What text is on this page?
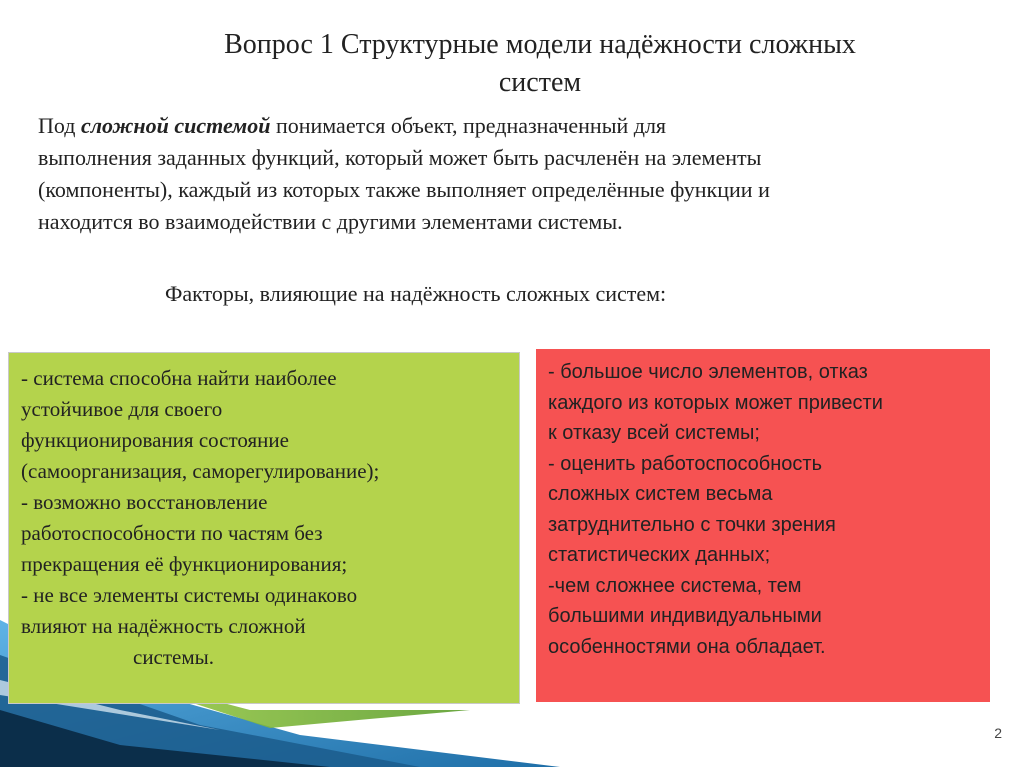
Вопрос 1 Структурные модели надёжности сложных
систем
Под сложной системой понимается объект, предназначенный для
выполнения заданных функций, который может быть расчленён на элементы
(компоненты), каждый из которых также выполняет определённые функции и
находится во взаимодействии с другими элементами системы.
Факторы, влияющие на надёжность сложных систем:
- система способна найти наиболее
устойчивое для своего
функционирования состояние
(самоорганизация, саморегулирование);
- возможно восстановление
работоспособности по частям без
прекращения её функционирования;
- не все элементы системы одинаково
влияют на надёжность сложной
системы.
- большое число элементов, отказ
каждого из которых может привести
к отказу всей системы;
- оценить работоспособность
сложных систем весьма
затруднительно с точки зрения
статистических данных;
-чем сложнее система, тем
большими индивидуальными
особенностями она обладает.
2
